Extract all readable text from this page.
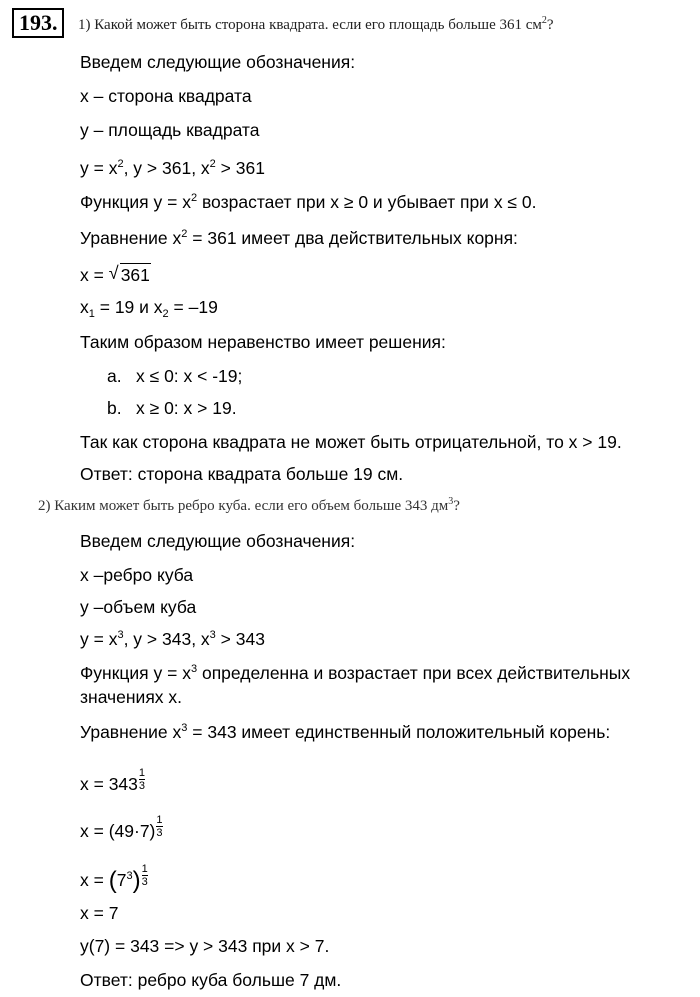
193.	1) Какой может быть сторона квадрата. если его площадь больше 361 $см^2$?
Введем следующие обозначения:
x – сторона квадрата
y – площадь квадрата
$y = x^2$, y > 361, $x^2 > 361$
Функция $y = x^2$ возрастает при x ≥ 0 и убывает при x ≤ 0.
Уравнение $x^2 = 361$ имеет два действительных корня:
x = √ 361
$x_1 = 19$ и $x_2 = -19$
Таким образом неравенство имеет решения:
a. x ≤ 0: x < -19;
b. x ≥ 0: x > 19.
Так как сторона квадрата не может быть отрицательной, то x > 19.
Ответ: сторона квадрата больше 19 см.
2) Каким может быть ребро куба. если его объем больше 343 $дм^3$?
Введем следующие обозначения:
x –ребро куба
y –объем куба
$y = x^3$, y > 343, $x^3 > 343$
Функция $y = x^3$ определенна и возрастает при всех действительных
значениях x.
Уравнение $x^3 = 343$ имеет единственный положительный корень:
$x = 343 \frac{1}{3}$
$x = (49\cdot 7) \frac{1}{3}$
$x = (7^3) \frac{1}{3}$
x = 7
y(7) = 343 => y > 343 при x > 7.
Ответ: ребро куба больше 7 дм.
